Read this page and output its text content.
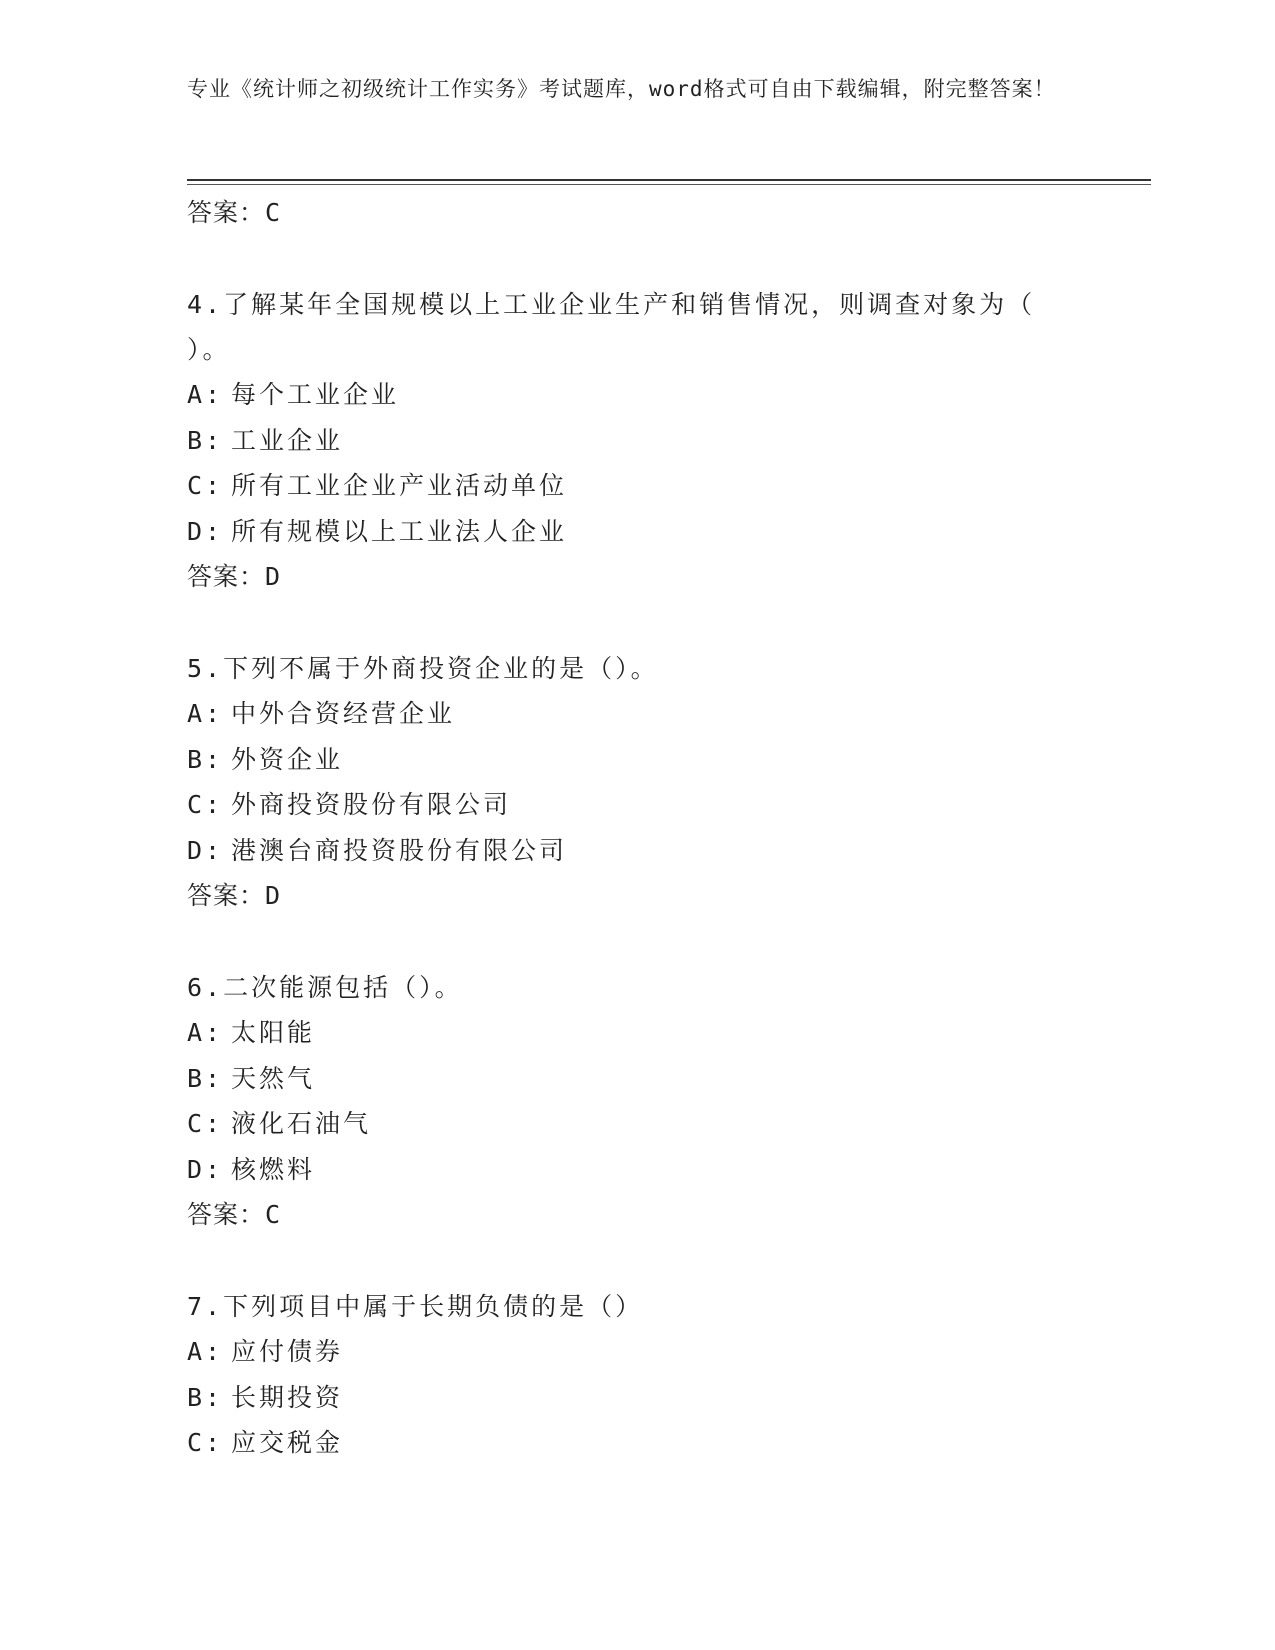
专业《统计师之初级统计工作实务》考试题库，word格式可自由下载编辑，附完整答案！
答案：C
4.了解某年全国规模以上工业企业生产和销售情况，则调查对象为（ ）。
A: 每个工业企业
B: 工业企业
C: 所有工业企业产业活动单位
D: 所有规模以上工业法人企业
答案：D
5.下列不属于外商投资企业的是（）。
A: 中外合资经营企业
B: 外资企业
C: 外商投资股份有限公司
D: 港澳台商投资股份有限公司
答案：D
6.二次能源包括（）。
A: 太阳能
B: 天然气
C: 液化石油气
D: 核燃料
答案：C
7.下列项目中属于长期负债的是（）
A: 应付债券
B: 长期投资
C: 应交税金
